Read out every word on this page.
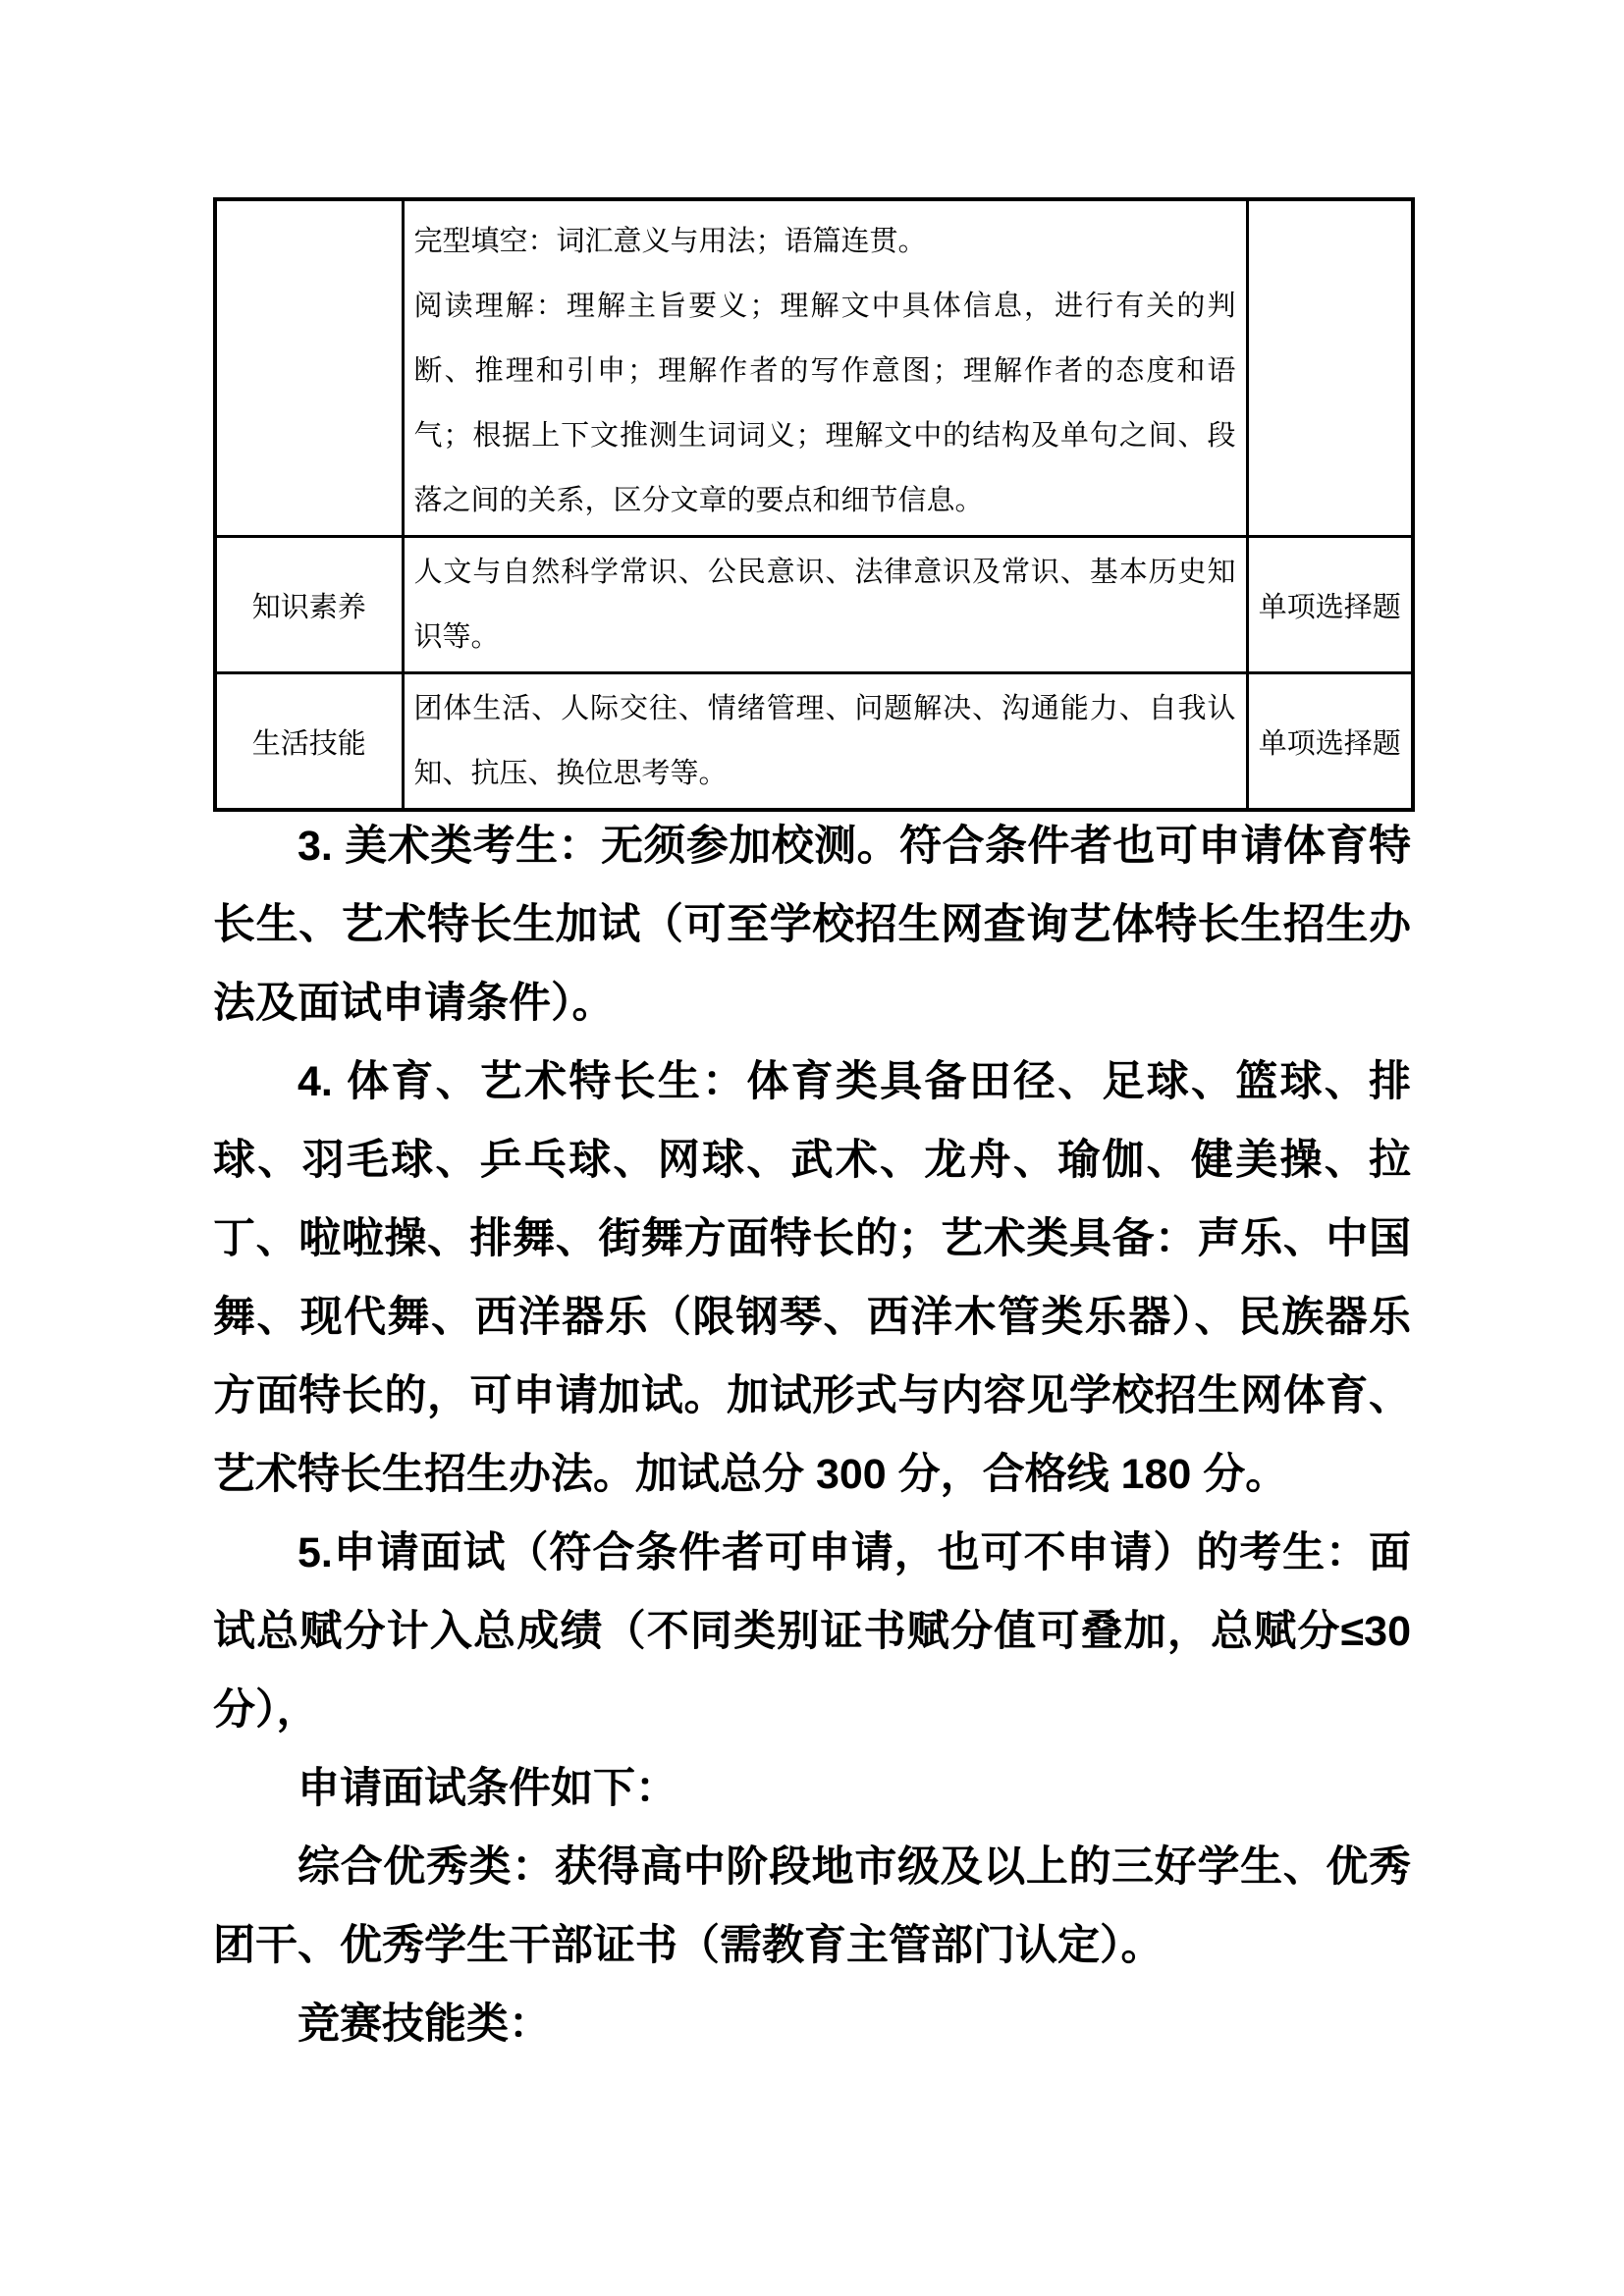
	完型填空：词汇意义与用法；语篇连贯。

阅读理解：理解主旨要义；理解文中具体信息，进行有关的判断、推理和引申；理解作者的写作意图；理解作者的态度和语气；根据上下文推测生词词义；理解文中的结构及单句之间、段落之间的关系，区分文章的要点和细节信息。	

知识素养	人文与自然科学常识、公民意识、法律意识及常识、基本历史知识等。	单项选择题
生活技能	团体生活、人际交往、情绪管理、问题解决、沟通能力、自我认知、抗压、换位思考等。	单项选择题

3. 美术类考生：无须参加校测。符合条件者也可申请体育特长生、艺术特长生加试（可至学校招生网查询艺体特长生招生办法及面试申请条件）。

4. 体育、艺术特长生：体育类具备田径、足球、篮球、排球、羽毛球、乒乓球、网球、武术、龙舟、瑜伽、健美操、拉丁、啦啦操、排舞、街舞方面特长的；艺术类具备：声乐、中国舞、现代舞、西洋器乐（限钢琴、西洋木管类乐器）、民族器乐方面特长的，可申请加试。加试形式与内容见学校招生网体育、艺术特长生招生办法。加试总分 300 分，合格线 180 分。

5.申请面试（符合条件者可申请，也可不申请）的考生：面试总赋分计入总成绩（不同类别证书赋分值可叠加，总赋分≤30 分），

申请面试条件如下：

综合优秀类：获得高中阶段地市级及以上的三好学生、优秀团干、优秀学生干部证书（需教育主管部门认定）。

竞赛技能类：
